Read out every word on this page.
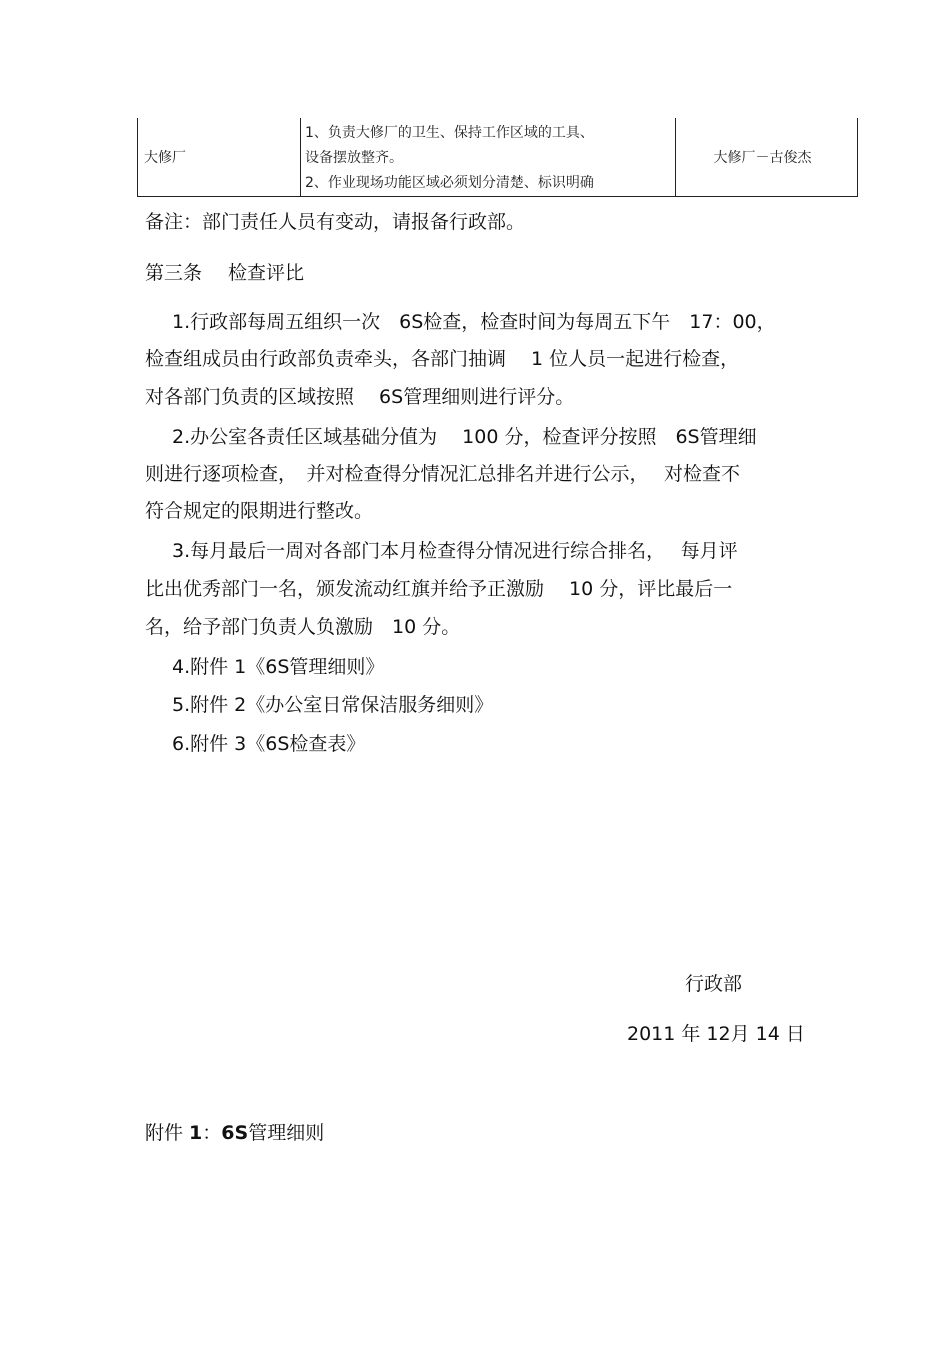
大修厂
1、负责大修厂的卫生、保持工作区域的工具、
设备摆放整齐。
2、作业现场功能区域必须划分清楚、标识明确
大修厂－古俊杰
备注：部门责任人员有变动，请报备行政部。
第三条 检查评比
1.行政部每周五组织一次　6S检查，检查时间为每周五下午　17：00，
检查组成员由行政部负责牵头，各部门抽调　 1 位人员一起进行检查，
对各部门负责的区域按照　 6S管理细则进行评分。
2.办公室各责任区域基础分值为　 100 分，检查评分按照　6S管理细
则进行逐项检查，　并对检查得分情况汇总排名并进行公示，　 对检查不
符合规定的限期进行整改。
3.每月最后一周对各部门本月检查得分情况进行综合排名，　 每月评
比出优秀部门一名，颁发流动红旗并给予正激励　 10 分，评比最后一
名，给予部门负责人负激励　10 分。
4.附件 1《6S管理细则》
5.附件 2《办公室日常保洁服务细则》
6.附件 3《6S检查表》
行政部
2011 年 12月 14 日
附件 1：6S管理细则
